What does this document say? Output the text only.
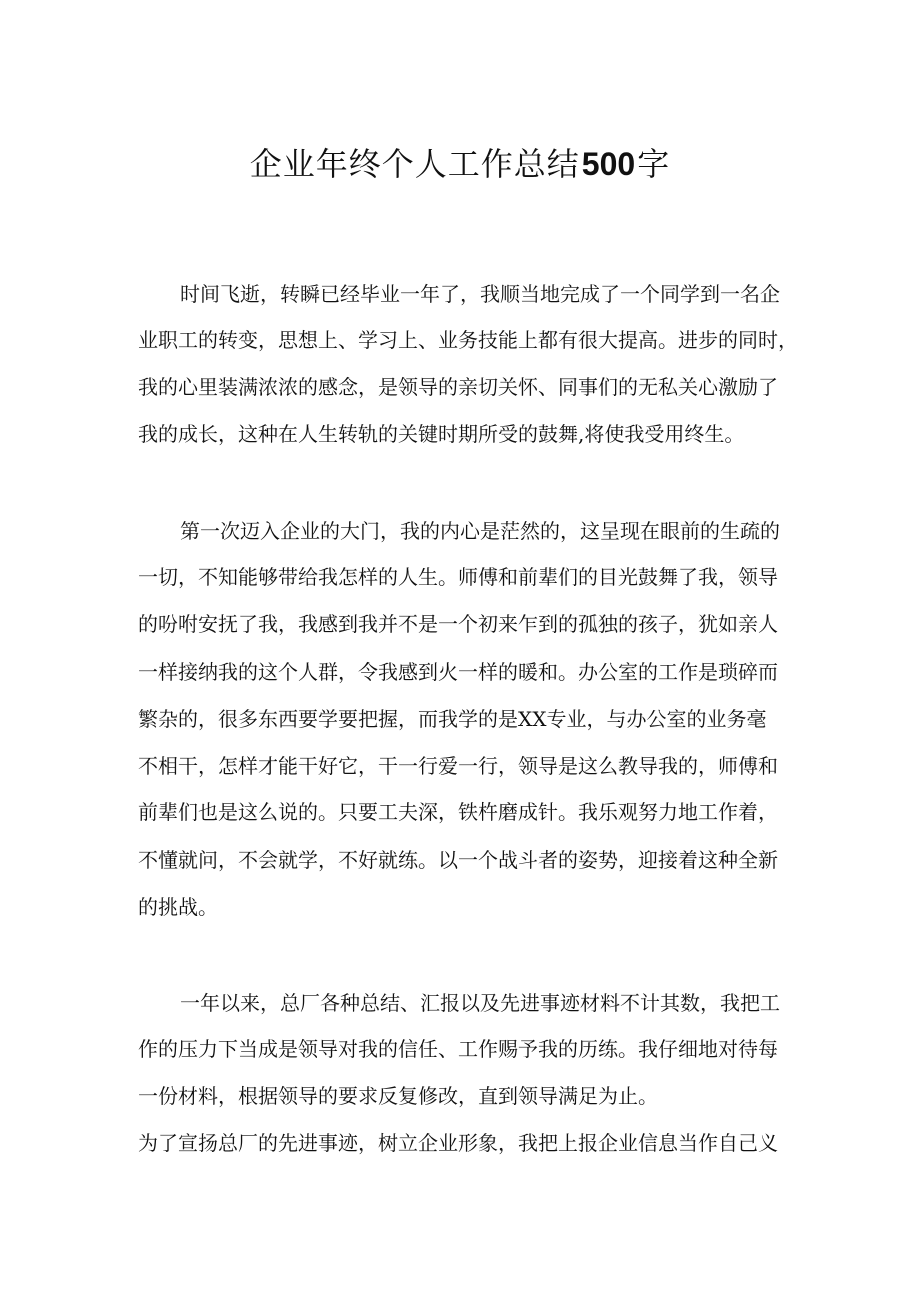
企业年终个人工作总结500字
时间飞逝，转瞬已经毕业一年了，我顺当地完成了一个同学到一名企
业职工的转变，思想上、学习上、业务技能上都有很大提高。进步的同时，
我的心里装满浓浓的感念，是领导的亲切关怀、同事们的无私关心激励了
我的成长，这种在人生转轨的关键时期所受的鼓舞,将使我受用终生。
第一次迈入企业的大门，我的内心是茫然的，这呈现在眼前的生疏的
一切，不知能够带给我怎样的人生。师傅和前辈们的目光鼓舞了我，领导
的吩咐安抚了我，我感到我并不是一个初来乍到的孤独的孩子，犹如亲人
一样接纳我的这个人群，令我感到火一样的暖和。办公室的工作是琐碎而
繁杂的，很多东西要学要把握，而我学的是XX专业，与办公室的业务毫
不相干，怎样才能干好它，干一行爱一行，领导是这么教导我的，师傅和
前辈们也是这么说的。只要工夫深，铁杵磨成针。我乐观努力地工作着，
不懂就问，不会就学，不好就练。以一个战斗者的姿势，迎接着这种全新
的挑战。
一年以来，总厂各种总结、汇报以及先进事迹材料不计其数，我把工
作的压力下当成是领导对我的信任、工作赐予我的历练。我仔细地对待每
一份材料，根据领导的要求反复修改，直到领导满足为止。
为了宣扬总厂的先进事迹，树立企业形象，我把上报企业信息当作自己义
